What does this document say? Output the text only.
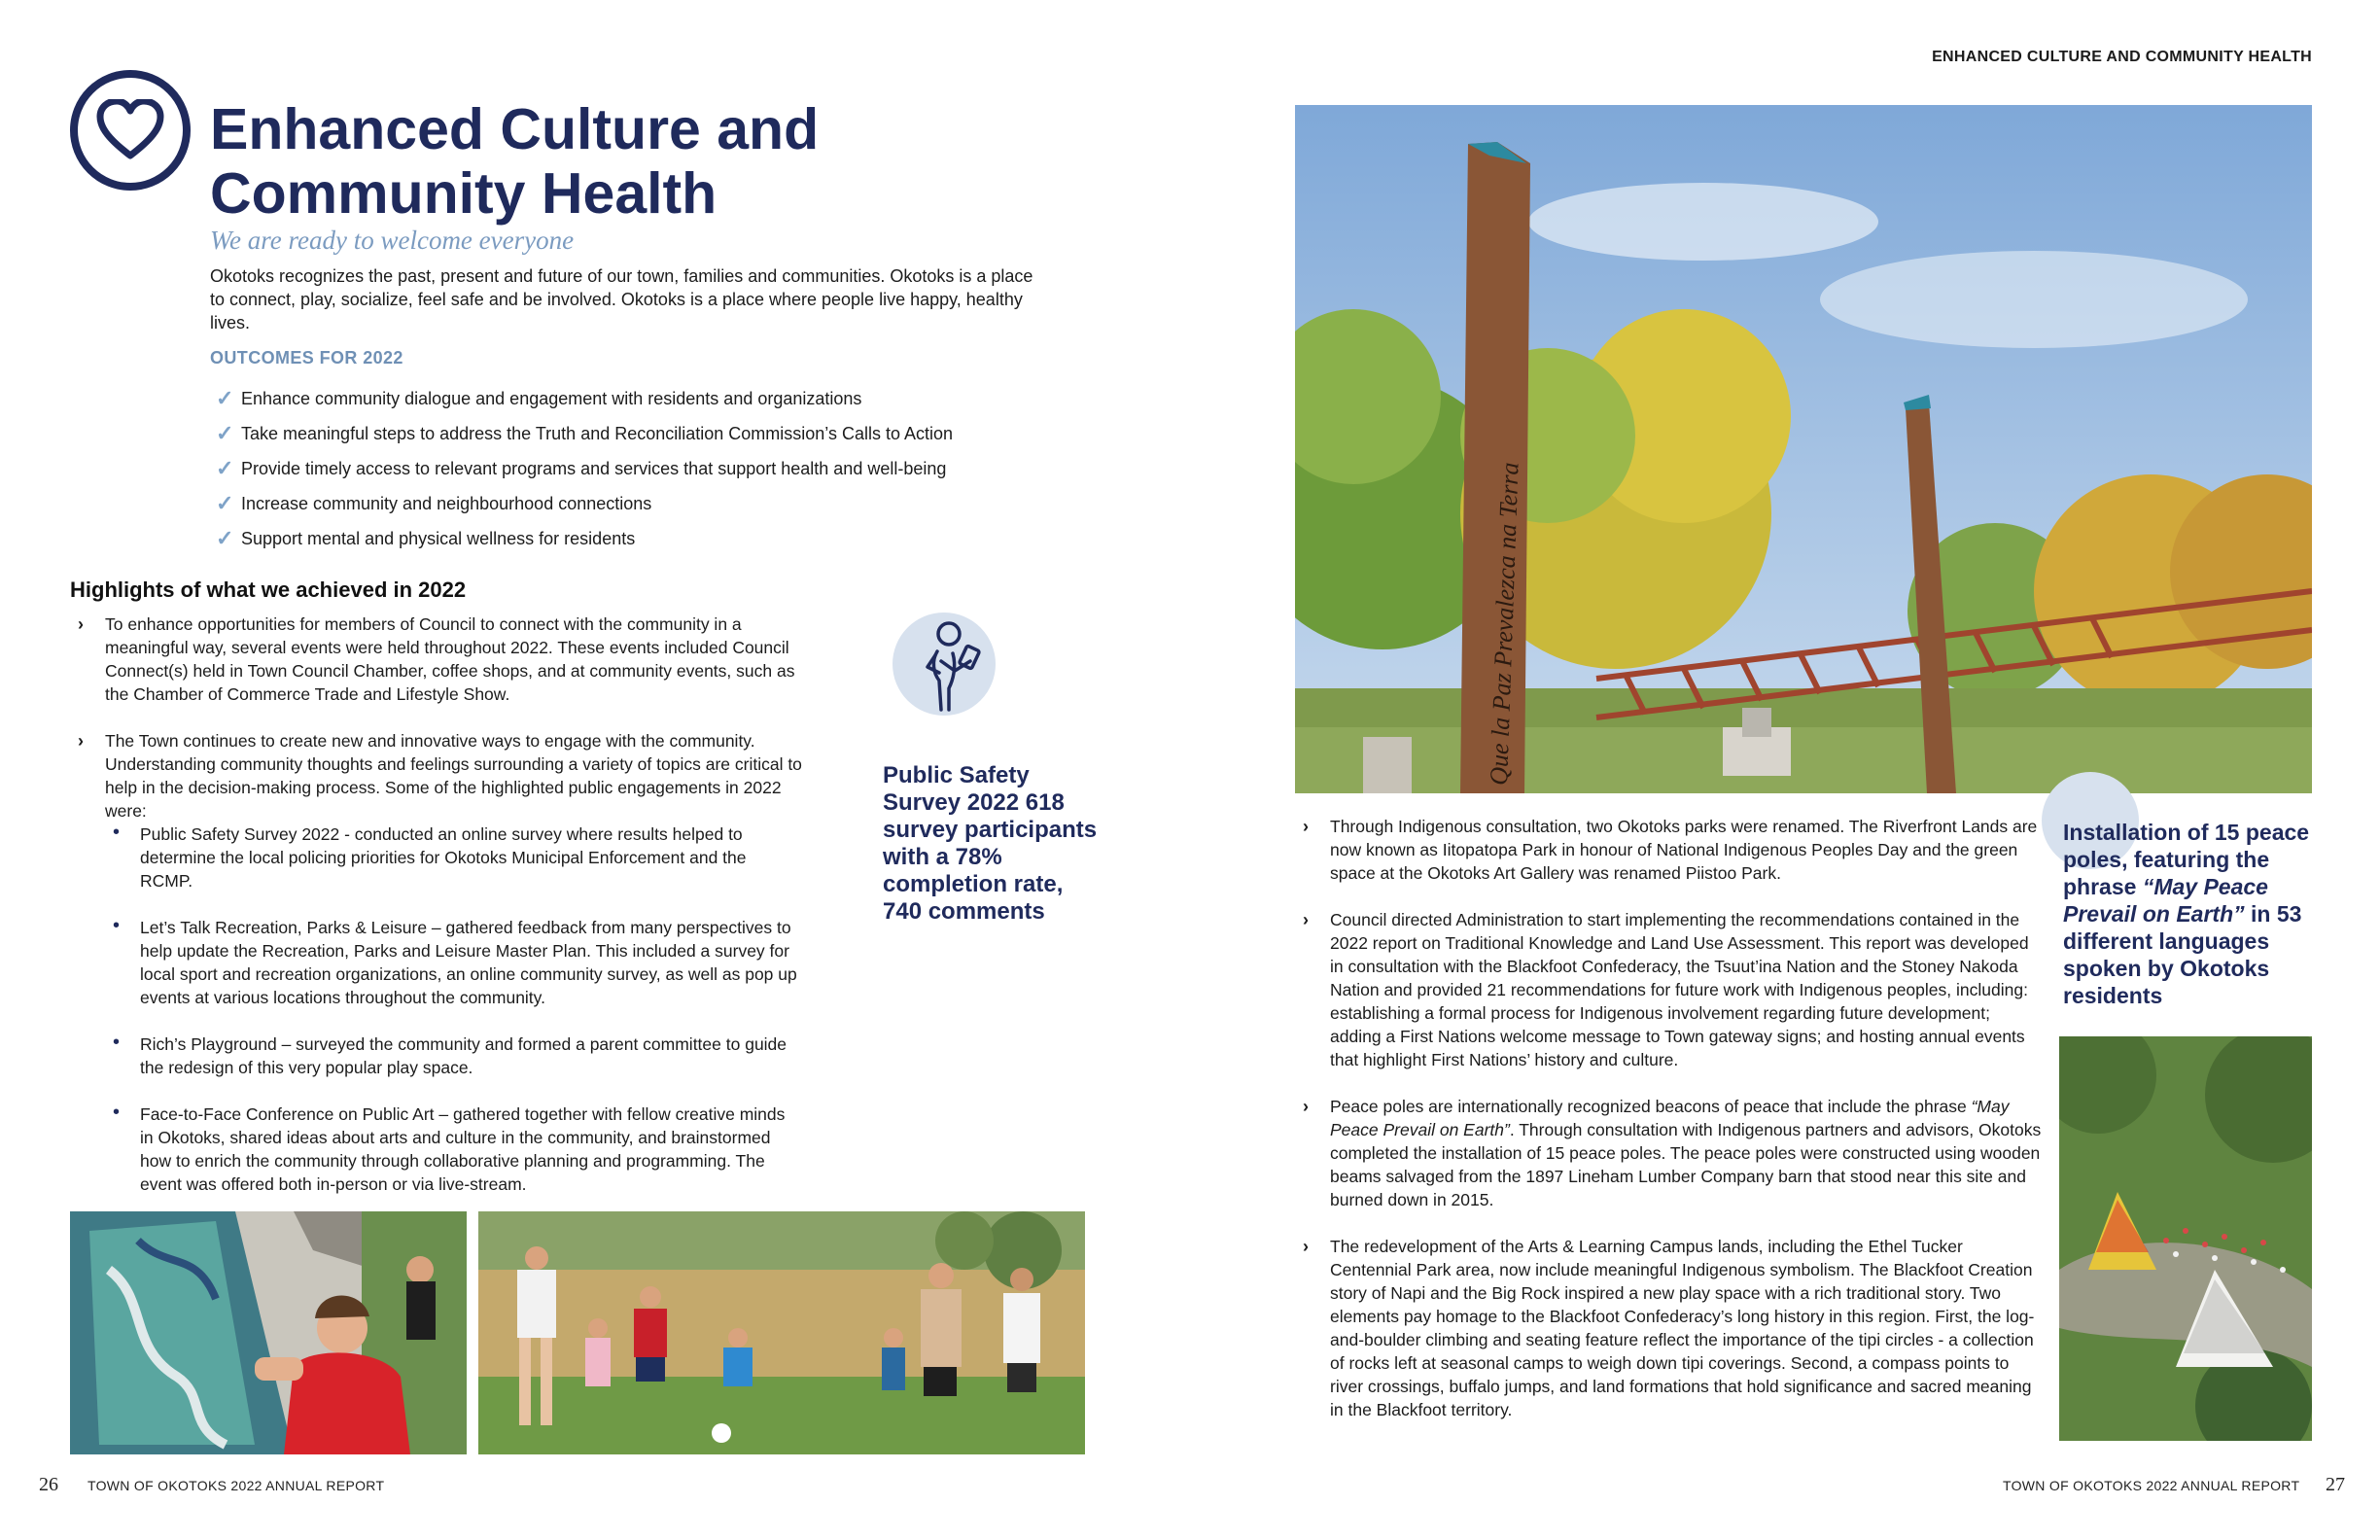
ENHANCED CULTURE AND COMMUNITY HEALTH
Enhanced Culture and
Community Health
We are ready to welcome everyone
Okotoks recognizes the past, present and future of our town, families and communities. Okotoks is a place to connect, play, socialize, feel safe and be involved. Okotoks is a place where people live happy, healthy lives.
OUTCOMES FOR 2022
✓ Enhance community dialogue and engagement with residents and organizations
✓ Take meaningful steps to address the Truth and Reconciliation Commission’s Calls to Action
✓ Provide timely access to relevant programs and services that support health and well-being
✓ Increase community and neighbourhood connections
✓ Support mental and physical wellness for residents
Highlights of what we achieved in 2022
› To enhance opportunities for members of Council to connect with the community in a meaningful way, several events were held throughout 2022. These events included Council Connect(s) held in Town Council Chamber, coffee shops, and at community events, such as the Chamber of Commerce Trade and Lifestyle Show.
› The Town continues to create new and innovative ways to engage with the community. Understanding community thoughts and feelings surrounding a variety of topics are critical to help in the decision-making process. Some of the highlighted public engagements in 2022 were:
• Public Safety Survey 2022 - conducted an online survey where results helped to determine the local policing priorities for Okotoks Municipal Enforcement and the RCMP.
• Let’s Talk Recreation, Parks & Leisure – gathered feedback from many perspectives to help update the Recreation, Parks and Leisure Master Plan. This included a survey for local sport and recreation organizations, an online community survey, as well as pop up events at various locations throughout the community.
• Rich’s Playground – surveyed the community and formed a parent committee to guide the redesign of this very popular play space.
• Face-to-Face Conference on Public Art – gathered together with fellow creative minds in Okotoks, shared ideas about arts and culture in the community, and brainstormed how to enrich the community through collaborative planning and programming. The event was offered both in-person or via live-stream.
Public Safety Survey 2022 618 survey participants with a 78% completion rate, 740 comments
26 TOWN OF OKOTOKS 2022 ANNUAL REPORT
Que la Paz Prevalezca na Terra
› Through Indigenous consultation, two Okotoks parks were renamed. The Riverfront Lands are now known as Iitopatopa Park in honour of National Indigenous Peoples Day and the green space at the Okotoks Art Gallery was renamed Piistoo Park.
› Council directed Administration to start implementing the recommendations contained in the 2022 report on Traditional Knowledge and Land Use Assessment. This report was developed in consultation with the Blackfoot Confederacy, the Tsuut’ina Nation and the Stoney Nakoda Nation and provided 21 recommendations for future work with Indigenous peoples, including: establishing a formal process for Indigenous involvement regarding future development; adding a First Nations welcome message to Town gateway signs; and hosting annual events that highlight First Nations’ history and culture.
› Peace poles are internationally recognized beacons of peace that include the phrase “May Peace Prevail on Earth”. Through consultation with Indigenous partners and advisors, Okotoks completed the installation of 15 peace poles. The peace poles were constructed using wooden beams salvaged from the 1897 Lineham Lumber Company barn that stood near this site and burned down in 2015.
› The redevelopment of the Arts & Learning Campus lands, including the Ethel Tucker Centennial Park area, now include meaningful Indigenous symbolism. The Blackfoot Creation story of Napi and the Big Rock inspired a new play space with a rich traditional story. Two elements pay homage to the Blackfoot Confederacy’s long history in this region. First, the log-and-boulder climbing and seating feature reflect the importance of the tipi circles - a collection of rocks left at seasonal camps to weigh down tipi coverings. Second, a compass points to river crossings, buffalo jumps, and land formations that hold significance and sacred meaning in the Blackfoot territory.
Installation of 15 peace poles, featuring the phrase “May Peace Prevail on Earth” in 53 different languages spoken by Okotoks residents
TOWN OF OKOTOKS 2022 ANNUAL REPORT 27
